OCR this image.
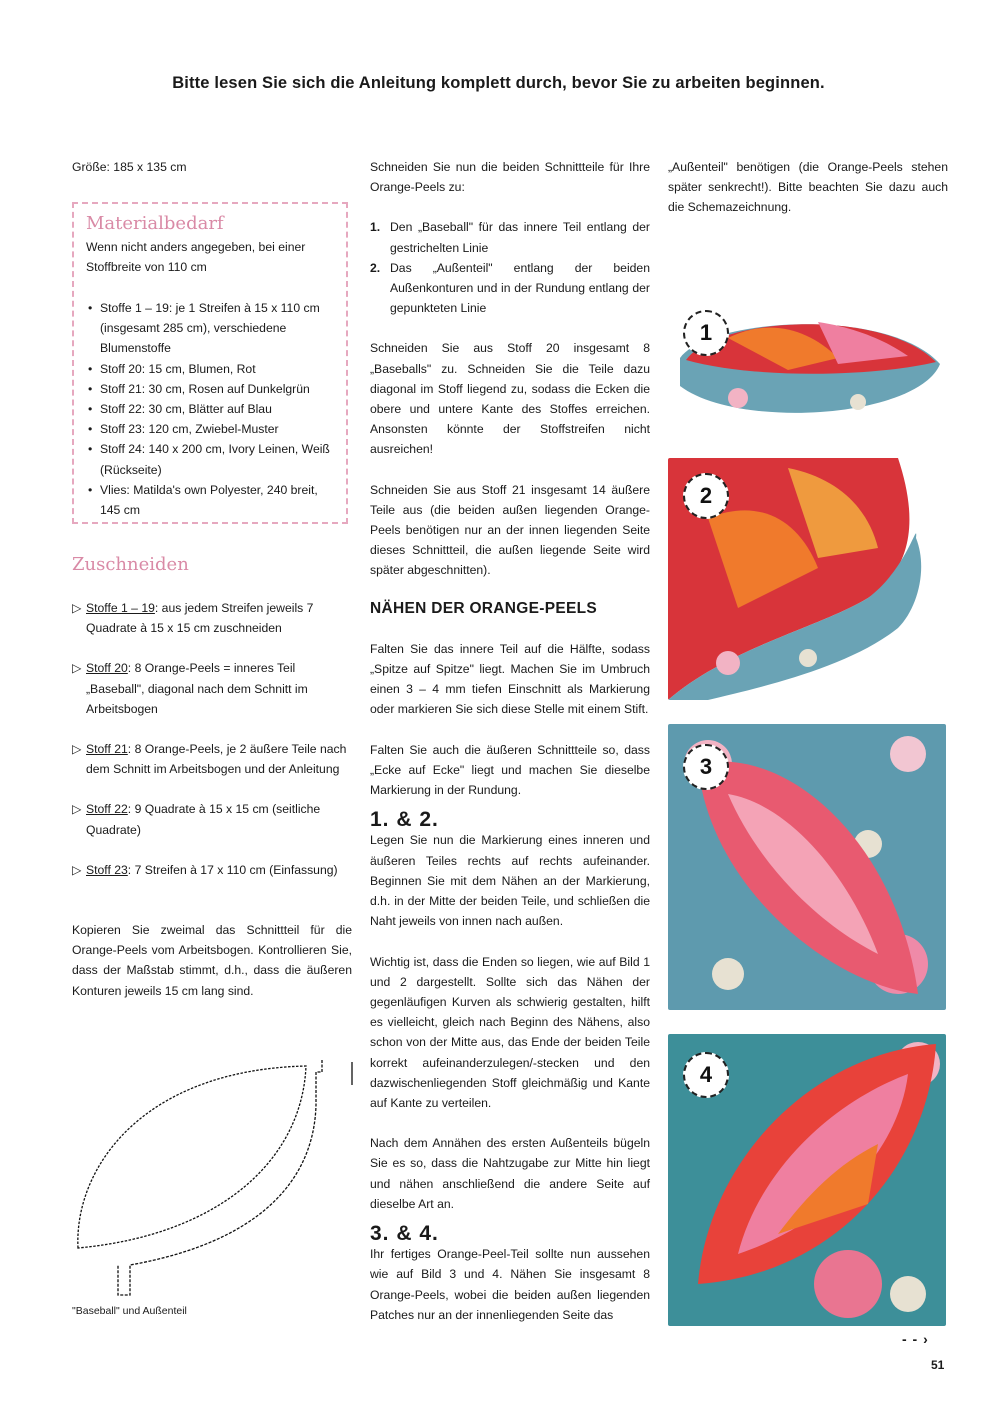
Bitte lesen Sie sich die Anleitung komplett durch, bevor Sie zu arbeiten beginnen.
Größe: 185 x 135 cm
Materialbedarf
Wenn nicht anders angegeben, bei einer Stoffbreite von 110 cm
• Stoffe 1 – 19: je 1 Streifen à 15 x 110 cm (insgesamt 285 cm), verschiedene Blumenstoffe
• Stoff 20: 15 cm, Blumen, Rot
• Stoff 21: 30 cm, Rosen auf Dunkelgrün
• Stoff 22: 30 cm, Blätter auf Blau
• Stoff 23: 120 cm, Zwiebel-Muster
• Stoff 24: 140 x 200 cm, Ivory Leinen, Weiß (Rückseite)
• Vlies: Matilda's own Polyester, 240 breit, 145 cm
Zuschneiden
▷ Stoffe 1 – 19: aus jedem Streifen jeweils 7 Quadrate à 15 x 15 cm zuschneiden
▷ Stoff 20: 8 Orange-Peels = inneres Teil „Baseball", diagonal nach dem Schnitt im Arbeitsbogen
▷ Stoff 21: 8 Orange-Peels, je 2 äußere Teile nach dem Schnitt im Arbeitsbogen und der Anleitung
▷ Stoff 22: 9 Quadrate à 15 x 15 cm (seitliche Quadrate)
▷ Stoff 23: 7 Streifen à 17 x 110 cm (Einfassung)
Kopieren Sie zweimal das Schnittteil für die Orange-Peels vom Arbeitsbogen. Kontrollieren Sie, dass der Maßstab stimmt, d.h., dass die äußeren Konturen jeweils 15 cm lang sind.
"Baseball" und Außenteil
Schneiden Sie nun die beiden Schnittteile für Ihre Orange-Peels zu:
1. Den „Baseball" für das innere Teil entlang der gestrichelten Linie
2. Das „Außenteil" entlang der beiden Außenkonturen und in der Rundung entlang der gepunkteten Linie
Schneiden Sie aus Stoff 20 insgesamt 8 „Baseballs" zu. Schneiden Sie die Teile dazu diagonal im Stoff liegend zu, sodass die Ecken die obere und untere Kante des Stoffes erreichen. Ansonsten könnte der Stoffstreifen nicht ausreichen!
Schneiden Sie aus Stoff 21 insgesamt 14 äußere Teile aus (die beiden außen liegenden Orange-Peels benötigen nur an der innen liegenden Seite dieses Schnittteil, die außen liegende Seite wird später abgeschnitten).
NÄHEN DER ORANGE-PEELS
Falten Sie das innere Teil auf die Hälfte, sodass „Spitze auf Spitze" liegt. Machen Sie im Umbruch einen 3 – 4 mm tiefen Einschnitt als Markierung oder markieren Sie sich diese Stelle mit einem Stift.
Falten Sie auch die äußeren Schnittteile so, dass „Ecke auf Ecke" liegt und machen Sie dieselbe Markierung in der Rundung.
1. & 2.
Legen Sie nun die Markierung eines inneren und äußeren Teiles rechts auf rechts aufeinander. Beginnen Sie mit dem Nähen an der Markierung, d.h. in der Mitte der beiden Teile, und schließen die Naht jeweils von innen nach außen.
Wichtig ist, dass die Enden so liegen, wie auf Bild 1 und 2 dargestellt. Sollte sich das Nähen der gegenläufigen Kurven als schwierig gestalten, hilft es vielleicht, gleich nach Beginn des Nähens, also schon von der Mitte aus, das Ende der beiden Teile korrekt aufeinanderzulegen/-stecken und den dazwischenliegenden Stoff gleichmäßig und Kante auf Kante zu verteilen.
Nach dem Annähen des ersten Außenteils bügeln Sie es so, dass die Nahtzugabe zur Mitte hin liegt und nähen anschließend die andere Seite auf dieselbe Art an.
3. & 4.
Ihr fertiges Orange-Peel-Teil sollte nun aussehen wie auf Bild 3 und 4. Nähen Sie insgesamt 8 Orange-Peels, wobei die beiden außen liegenden Patches nur an der innenliegenden Seite das
„Außenteil" benötigen (die Orange-Peels stehen später senkrecht!). Bitte beachten Sie dazu auch die Schemazeichnung.
1
2
3
4
- - ›
51
